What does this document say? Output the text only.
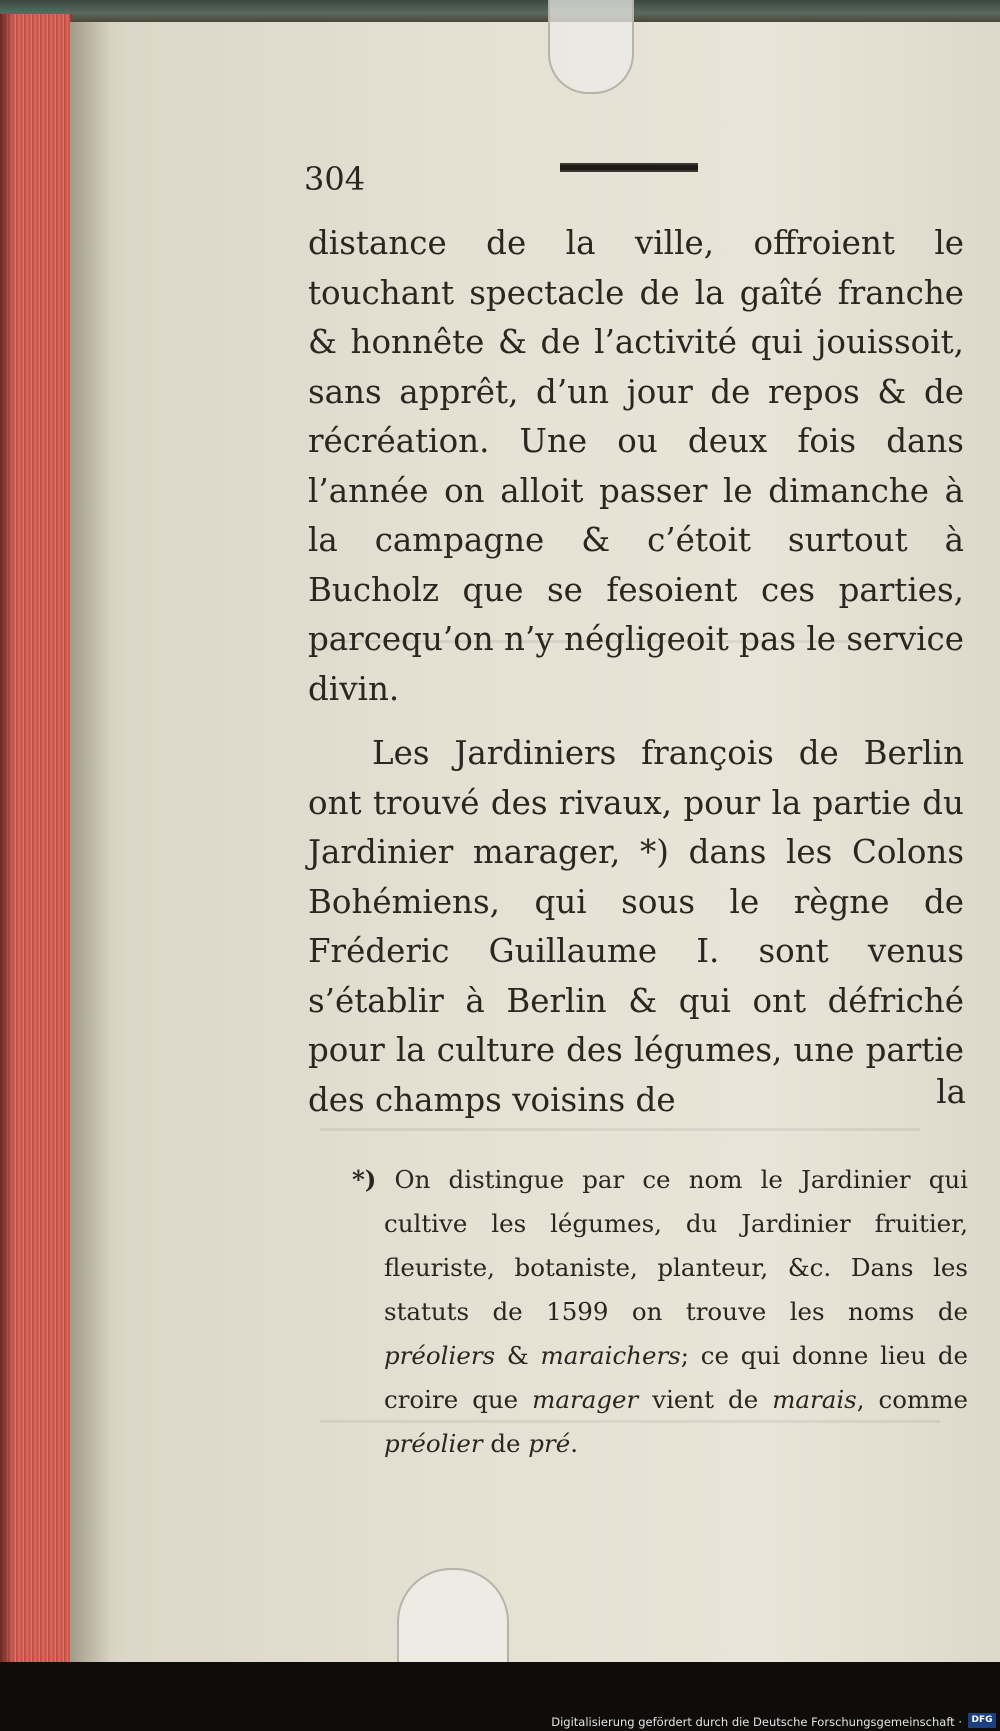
304

distance de la ville, offroient le touchant spectacle de la gaîté franche & honnête & de l’activité qui jouissoit, sans apprêt, d’un jour de repos & de récréation. Une ou deux fois dans l’année on alloit passer le dimanche à la campagne & c’étoit surtout à Bucholz que se fesoient ces parties, parcequ’on n’y négligeoit pas le service divin.

Les Jardiniers françois de Berlin ont trouvé des rivaux, pour la partie du Jardinier marager, *) dans les Colons Bohémiens, qui sous le règne de Fréderic Guillaume I. sont venus s’établir à Berlin & qui ont défriché pour la culture des légumes, une partie des champs voisins de	la

*) On distingue par ce nom le Jardinier qui cultive les légumes, du Jardinier fruitier, fleuriste, botaniste, planteur, &c. Dans les statuts de 1599 on trouve les noms de préoliers & maraichers; ce qui donne lieu de croire que marager vient de marais, comme préolier de pré.

Digitalisierung gefördert durch die Deutsche Forschungsgemeinschaft ·	DFG
